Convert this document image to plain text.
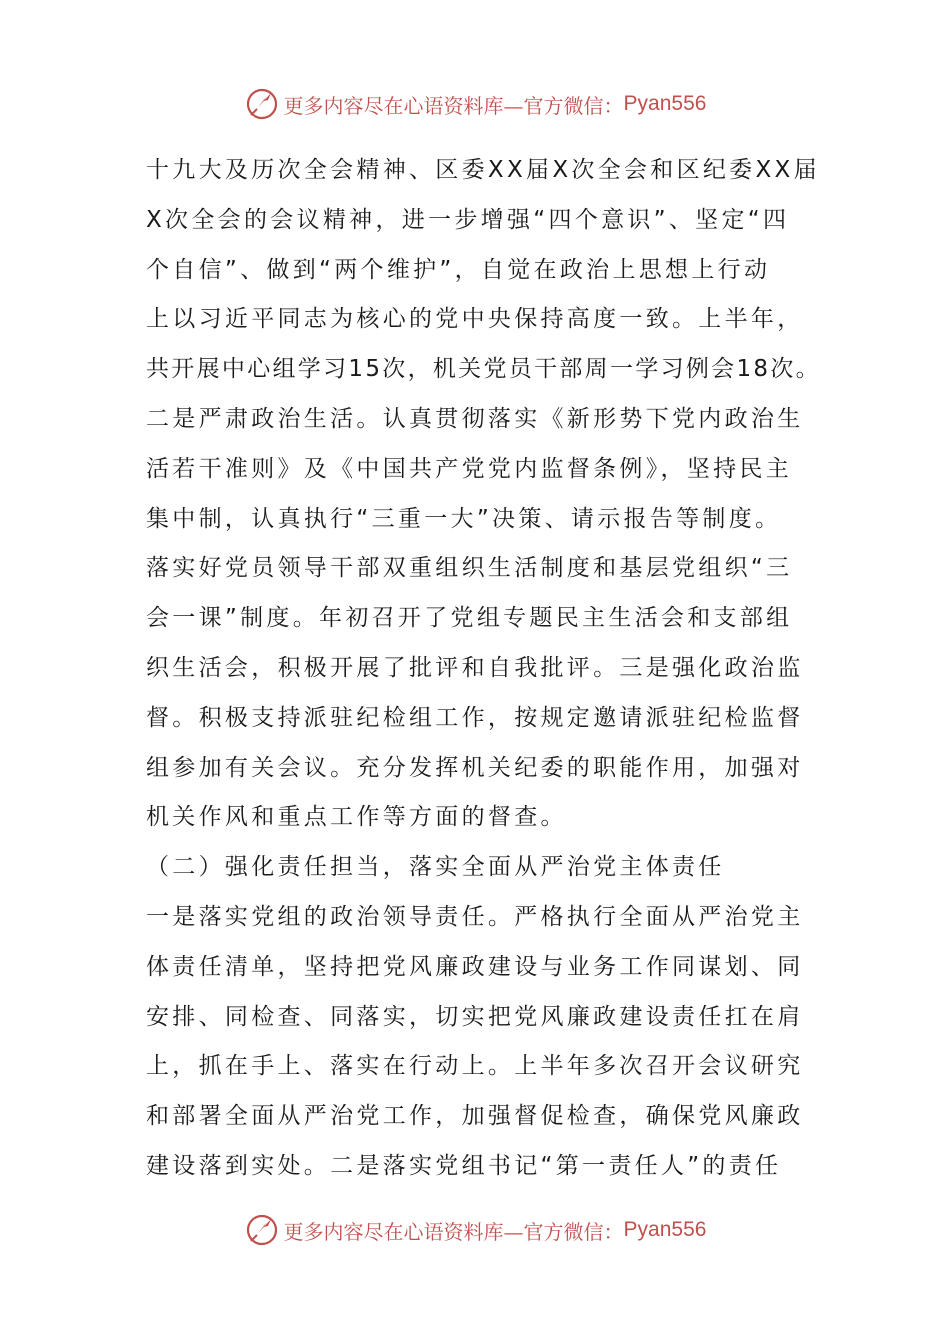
更多内容尽在心语资料库—官方微信： Pyan556
十九大及历次全会精神、区委XX届X次全会和区纪委XX届
X次全会的会议精神，进一步增强“四个意识”、坚定“四
个自信”、做到“两个维护”，自觉在政治上思想上行动
上以习近平同志为核心的党中央保持高度一致。上半年，
共开展中心组学习15次，机关党员干部周一学习例会18次。
二是严肃政治生活。认真贯彻落实《新形势下党内政治生
活若干准则》及《中国共产党党内监督条例》，坚持民主
集中制，认真执行“三重一大”决策、请示报告等制度。
落实好党员领导干部双重组织生活制度和基层党组织“三
会一课”制度。年初召开了党组专题民主生活会和支部组
织生活会，积极开展了批评和自我批评。三是强化政治监
督。积极支持派驻纪检组工作，按规定邀请派驻纪检监督
组参加有关会议。充分发挥机关纪委的职能作用，加强对
机关作风和重点工作等方面的督查。
（二）强化责任担当，落实全面从严治党主体责任
一是落实党组的政治领导责任。严格执行全面从严治党主
体责任清单，坚持把党风廉政建设与业务工作同谋划、同
安排、同检查、同落实，切实把党风廉政建设责任扛在肩
上，抓在手上、落实在行动上。上半年多次召开会议研究
和部署全面从严治党工作，加强督促检查，确保党风廉政
建设落到实处。二是落实党组书记“第一责任人”的责任
更多内容尽在心语资料库—官方微信： Pyan556
